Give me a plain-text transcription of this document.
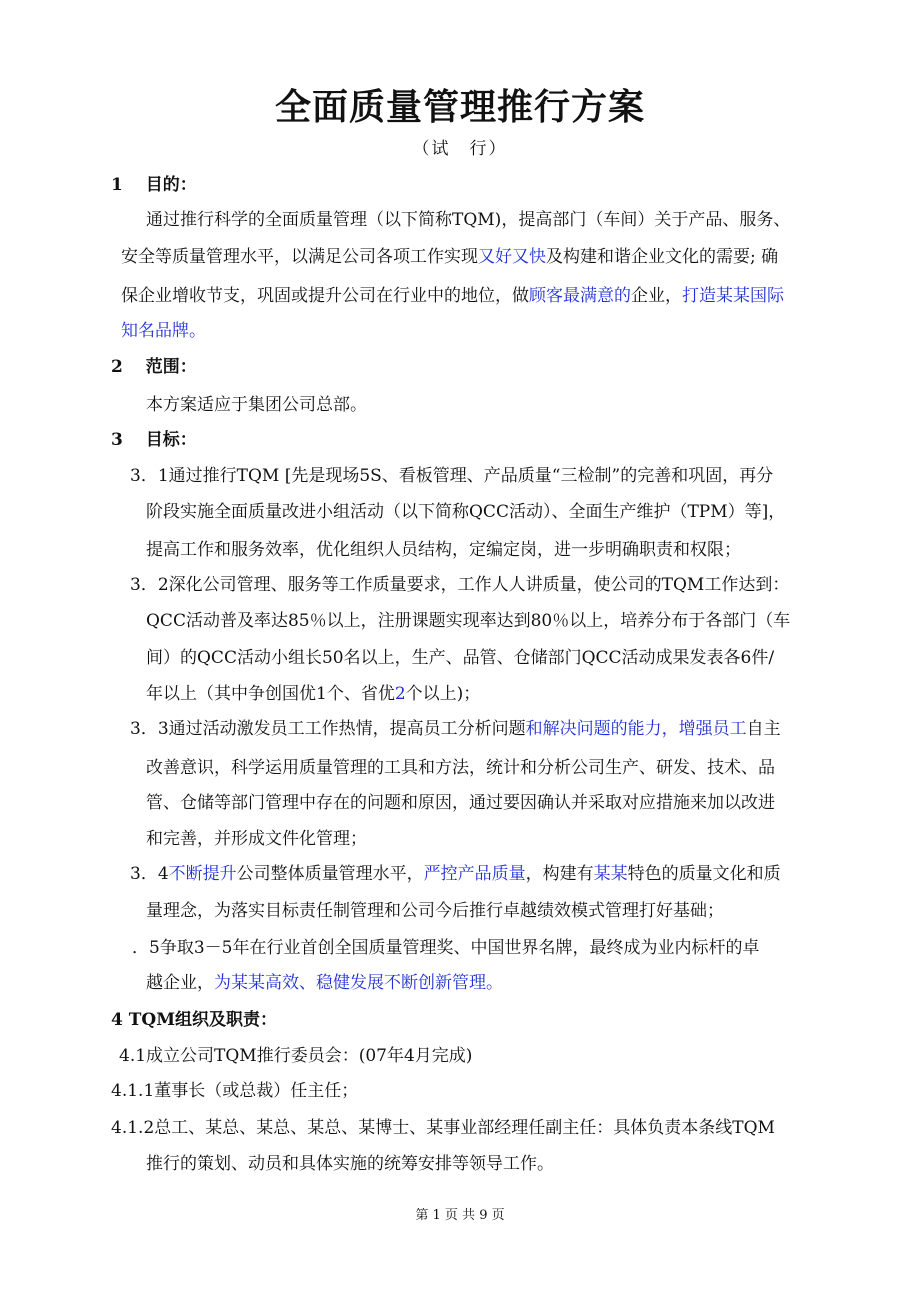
全面质量管理推行方案
（试　行）
1　 目的：
通过推行科学的全面质量管理（以下简称TQM)，提高部门（车间）关于产品、服务、
安全等质量管理水平，以满足公司各项工作实现又好又快及构建和谐企业文化的需要; 确
保企业增收节支，巩固或提升公司在行业中的地位，做顾客最满意的企业，打造某某国际
知名品牌。
2　 范围：
本方案适应于集团公司总部。
3　 目标：
3．1通过推行TQM [先是现场5S、看板管理、产品质量“三检制”的完善和巩固，再分
阶段实施全面质量改进小组活动（以下简称QCC活动）、全面生产维护（TPM）等]，
提高工作和服务效率，优化组织人员结构，定编定岗，进一步明确职责和权限；
3．2深化公司管理、服务等工作质量要求，工作人人讲质量，使公司的TQM工作达到：
QCC活动普及率达85％以上，注册课题实现率达到80％以上，培养分布于各部门（车
间）的QCC活动小组长50名以上，生产、品管、仓储部门QCC活动成果发表各6件/
年以上（其中争创国优1个、省优2个以上)；
3．3通过活动激发员工工作热情，提高员工分析问题和解决问题的能力，增强员工自主
改善意识，科学运用质量管理的工具和方法，统计和分析公司生产、研发、技术、品
管、仓储等部门管理中存在的问题和原因，通过要因确认并采取对应措施来加以改进
和完善，并形成文件化管理；
3．4不断提升公司整体质量管理水平，严控产品质量，构建有某某特色的质量文化和质
量理念，为落实目标责任制管理和公司今后推行卓越绩效模式管理打好基础；
．5争取3－5年在行业首创全国质量管理奖、中国世界名牌，最终成为业内标杆的卓
越企业，为某某高效、稳健发展不断创新管理。
4 TQM组织及职责：
4.1成立公司TQM推行委员会：(07年4月完成)
4.1.1董事长（或总裁）任主任；
4.1.2总工、某总、某总、某总、某博士、某事业部经理任副主任：具体负责本条线TQM
推行的策划、动员和具体实施的统筹安排等领导工作。
第 1 页 共 9 页
